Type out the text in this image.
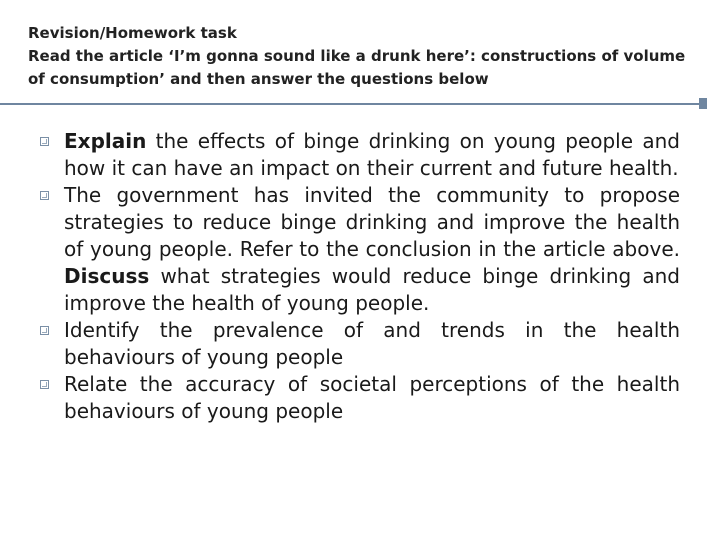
Revision/Homework task
Read the article ‘I’m gonna sound like a drunk here’: constructions of volume
of consumption’ and then answer the questions below
Explain the effects of binge drinking on young people and how it can have an impact on their current and future health.
The government has invited the community to propose strategies to reduce binge drinking and improve the health of young people. Refer to the conclusion in the article above. Discuss what strategies would reduce binge drinking and improve the health of young people.
Identify the prevalence of and trends in the health behaviours of young people
Relate the accuracy of societal perceptions of the health behaviours of young people
